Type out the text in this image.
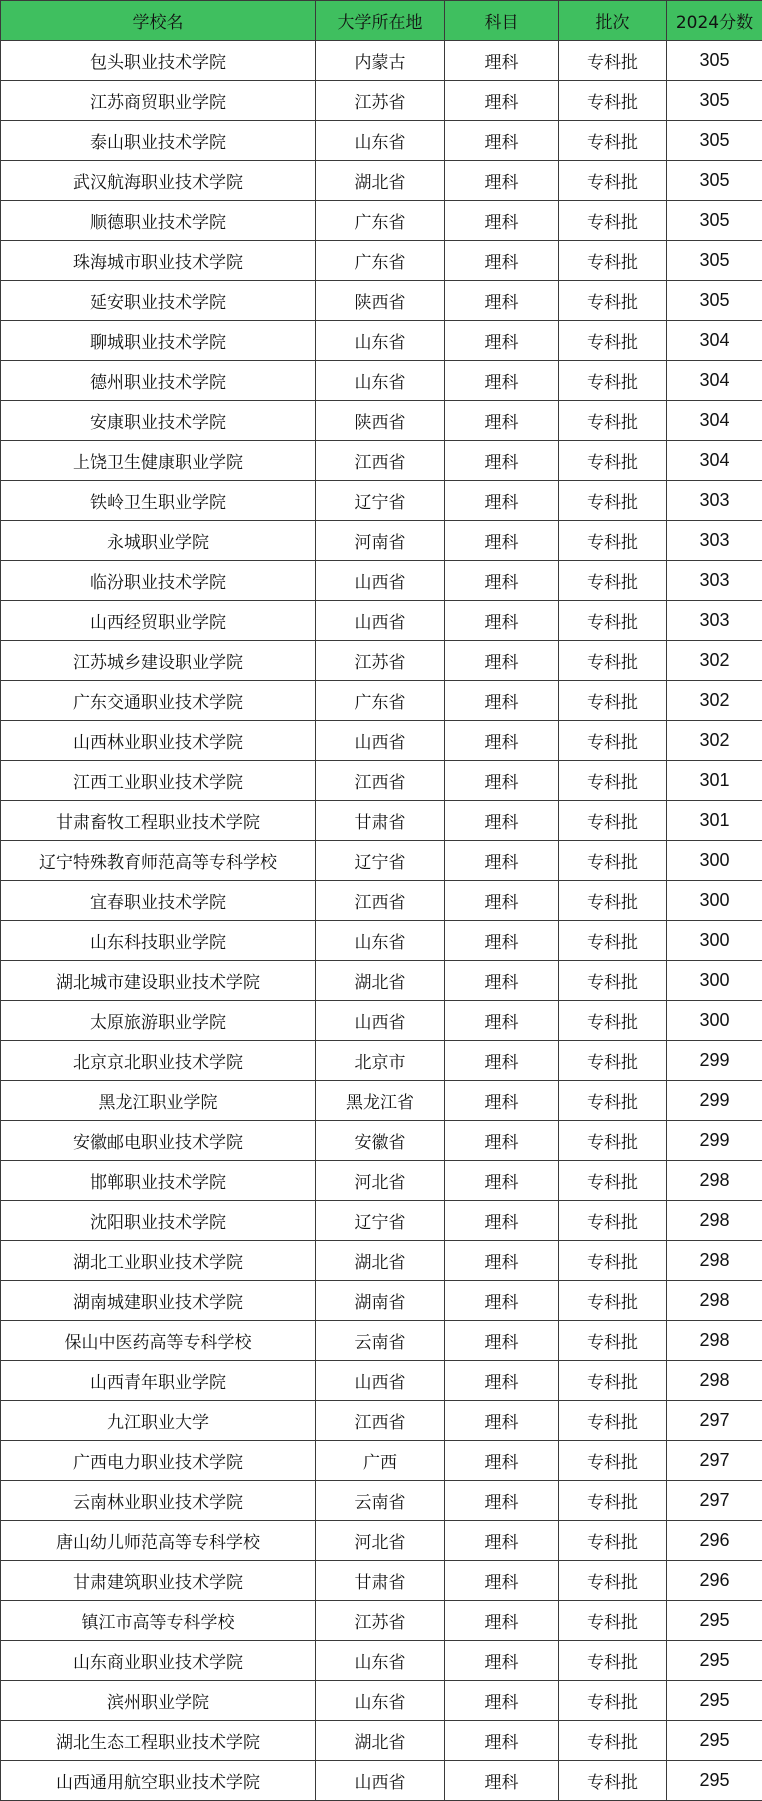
学校名	大学所在地	科目	批次	2024分数
包头职业技术学院	内蒙古	理科	专科批	305
江苏商贸职业学院	江苏省	理科	专科批	305
泰山职业技术学院	山东省	理科	专科批	305
武汉航海职业技术学院	湖北省	理科	专科批	305
顺德职业技术学院	广东省	理科	专科批	305
珠海城市职业技术学院	广东省	理科	专科批	305
延安职业技术学院	陕西省	理科	专科批	305
聊城职业技术学院	山东省	理科	专科批	304
德州职业技术学院	山东省	理科	专科批	304
安康职业技术学院	陕西省	理科	专科批	304
上饶卫生健康职业学院	江西省	理科	专科批	304
铁岭卫生职业学院	辽宁省	理科	专科批	303
永城职业学院	河南省	理科	专科批	303
临汾职业技术学院	山西省	理科	专科批	303
山西经贸职业学院	山西省	理科	专科批	303
江苏城乡建设职业学院	江苏省	理科	专科批	302
广东交通职业技术学院	广东省	理科	专科批	302
山西林业职业技术学院	山西省	理科	专科批	302
江西工业职业技术学院	江西省	理科	专科批	301
甘肃畜牧工程职业技术学院	甘肃省	理科	专科批	301
辽宁特殊教育师范高等专科学校	辽宁省	理科	专科批	300
宜春职业技术学院	江西省	理科	专科批	300
山东科技职业学院	山东省	理科	专科批	300
湖北城市建设职业技术学院	湖北省	理科	专科批	300
太原旅游职业学院	山西省	理科	专科批	300
北京京北职业技术学院	北京市	理科	专科批	299
黑龙江职业学院	黑龙江省	理科	专科批	299
安徽邮电职业技术学院	安徽省	理科	专科批	299
邯郸职业技术学院	河北省	理科	专科批	298
沈阳职业技术学院	辽宁省	理科	专科批	298
湖北工业职业技术学院	湖北省	理科	专科批	298
湖南城建职业技术学院	湖南省	理科	专科批	298
保山中医药高等专科学校	云南省	理科	专科批	298
山西青年职业学院	山西省	理科	专科批	298
九江职业大学	江西省	理科	专科批	297
广西电力职业技术学院	广西	理科	专科批	297
云南林业职业技术学院	云南省	理科	专科批	297
唐山幼儿师范高等专科学校	河北省	理科	专科批	296
甘肃建筑职业技术学院	甘肃省	理科	专科批	296
镇江市高等专科学校	江苏省	理科	专科批	295
山东商业职业技术学院	山东省	理科	专科批	295
滨州职业学院	山东省	理科	专科批	295
湖北生态工程职业技术学院	湖北省	理科	专科批	295
山西通用航空职业技术学院	山西省	理科	专科批	295
